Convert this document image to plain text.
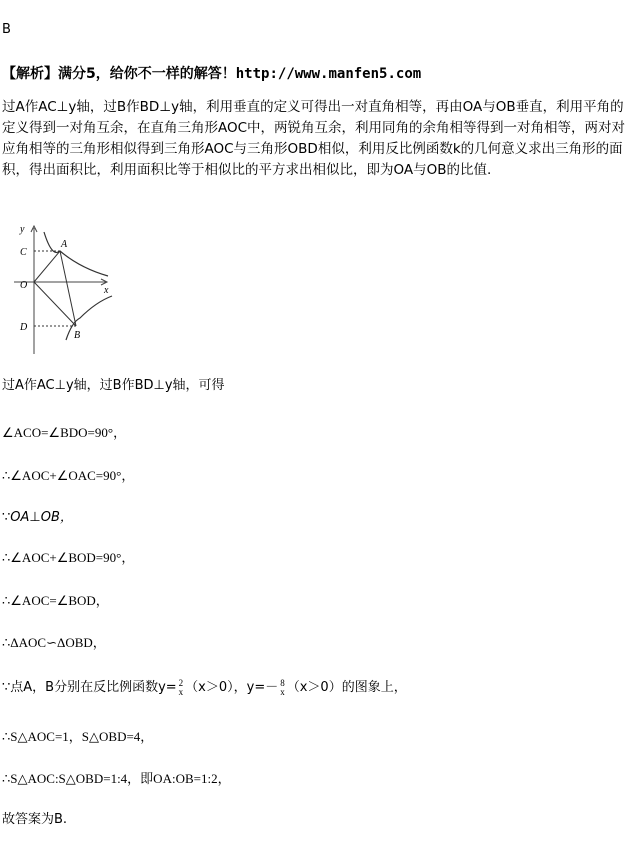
B
【解析】满分5，给你不一样的解答！http://www.manfen5.com
过A作AC⊥y轴，过B作BD⊥y轴，利用垂直的定义可得出一对直角相等，再由OA与OB垂直，利用平角的定义得到一对角互余，在直角三角形AOC中，两锐角互余，利用同角的余角相等得到一对角相等，两对对应角相等的三角形相似得到三角形AOC与三角形OBD相似，利用反比例函数k的几何意义求出三角形的面积，得出面积比，利用面积比等于相似比的平方求出相似比，即为OA与OB的比值.
y
x
C
A
O
D
B
过A作AC⊥y轴，过B作BD⊥y轴，可得
∠ACO=∠BDO=90°，
∴∠AOC+∠OAC=90°，
∵OA⊥OB，
∴∠AOC+∠BOD=90°，
∴∠AOC=∠BOD，
∴ΔAOC∽ΔOBD，
∵点A，B分别在反比例函数y= 2
x （x＞0），y=－ 8
x （x＞0）的图象上，
∴S△AOC=1，S△OBD=4，
∴S△AOC:S△OBD=1:4，即OA:OB=1:2，
故答案为B.
